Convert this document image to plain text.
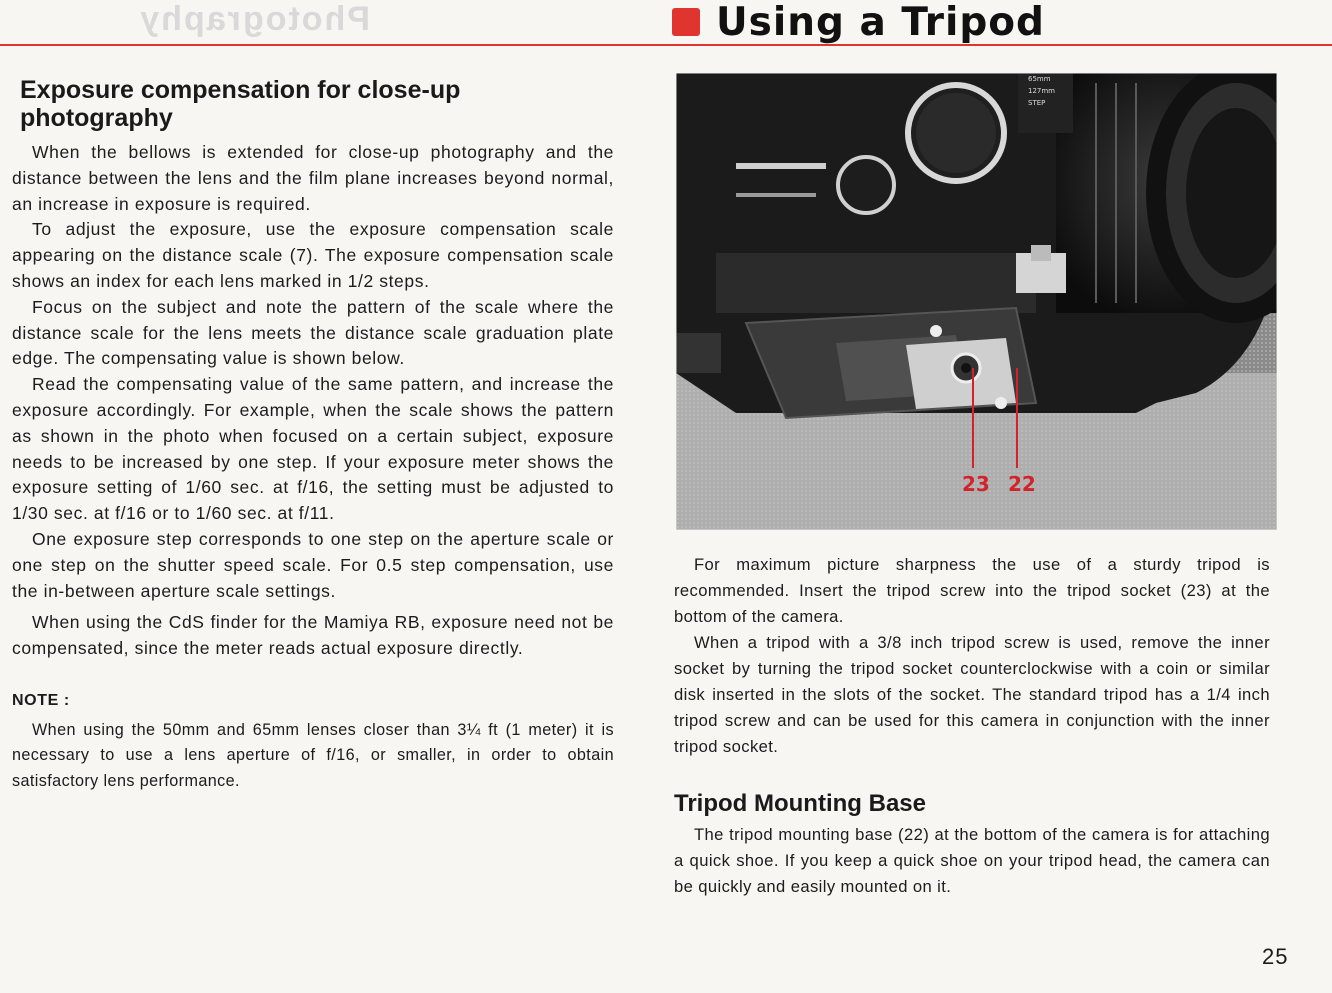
Photography	Using a Tripod
Exposure compensation for close-up photography

When the bellows is extended for close-up photography and the distance between the lens and the film plane increases beyond normal, an increase in exposure is required.

To adjust the exposure, use the exposure compensation scale appearing on the distance scale (7). The exposure compensation scale shows an index for each lens marked in 1/2 steps.

Focus on the subject and note the pattern of the scale where the distance scale for the lens meets the distance scale graduation plate edge. The compensating value is shown below.

Read the compensating value of the same pattern, and increase the exposure accordingly. For example, when the scale shows the pattern as shown in the photo when focused on a certain subject, exposure needs to be increased by one step. If your exposure meter shows the exposure setting of 1/60 sec. at f/16, the setting must be adjusted to 1/30 sec. at f/16 or to 1/60 sec. at f/11.

One exposure step corresponds to one step on the aperture scale or one step on the shutter speed scale. For 0.5 step compensation, use the in-between aperture scale settings.

When using the CdS finder for the Mamiya RB, exposure need not be compensated, since the meter reads actual exposure directly.

NOTE :

When using the 50mm and 65mm lenses closer than 3¼ ft (1 meter) it is necessary to use a lens aperture of f/16, or smaller, in order to obtain satisfactory lens performance.

65mm
127mm
STEP
23 22

For maximum picture sharpness the use of a sturdy tripod is recommended. Insert the tripod screw into the tripod socket (23) at the bottom of the camera.

When a tripod with a 3/8 inch tripod screw is used, remove the inner socket by turning the tripod socket counterclockwise with a coin or similar disk inserted in the slots of the socket. The standard tripod has a 1/4 inch tripod screw and can be used for this camera in conjunction with the inner tripod socket.

Tripod Mounting Base

The tripod mounting base (22) at the bottom of the camera is for attaching a quick shoe. If you keep a quick shoe on your tripod head, the camera can be quickly and easily mounted on it.

25
